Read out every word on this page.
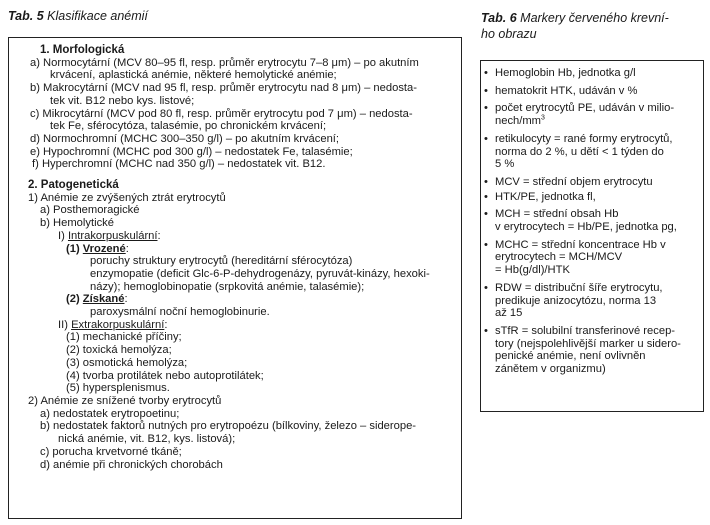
Tab. 5 Klasifikace anémií	Tab. 6 Markery červeného krevní-
ho obrazu
1. Morfologická
a) Normocytární (MCV 80–95 fl, resp. průměr erytrocytu 7–8 μm) – po akutním
krvácení, aplastická anémie, některé hemolytické anémie;
b) Makrocytární (MCV nad 95 fl, resp. průměr erytrocytu nad 8 μm) – nedosta-
tek vit. B12 nebo kys. listové;
c) Mikrocytární (MCV pod 80 fl, resp. průměr erytrocytu pod 7 μm) – nedosta-
tek Fe, sférocytóza, talasémie, po chronickém krvácení;
d) Normochromní (MCHC 300–350 g/l) – po akutním krvácení;
e) Hypochromní (MCHC pod 300 g/l) – nedostatek Fe, talasémie;
f) Hyperchromní (MCHC nad 350 g/l) – nedostatek vit. B12.
2. Patogenetická
1) Anémie ze zvýšených ztrát erytrocytů
a) Posthemoragické
b) Hemolytické
I) Intrakorpuskulární:
(1) Vrozené:
poruchy struktury erytrocytů (hereditární sférocytóza)
enzymopatie (deficit Glc-6-P-dehydrogenázy, pyruvát-kinázy, hexoki-
názy); hemoglobinopatie (srpkovitá anémie, talasémie);
(2) Získané:
paroxysmální noční hemoglobinurie.
II) Extrakorpuskulární:
(1) mechanické příčiny;
(2) toxická hemolýza;
(3) osmotická hemolýza;
(4) tvorba protilátek nebo autoprotilátek;
(5) hypersplenismus.
2) Anémie ze snížené tvorby erytrocytů
a) nedostatek erytropoetinu;
b) nedostatek faktorů nutných pro erytropoézu (bílkoviny, železo – sideropе-
nická anémie, vit. B12, kys. listová);
c) porucha krvetvorné tkáně;
d) anémie při chronických chorobách
• Hemoglobin Hb, jednotka g/l
• hematokrit HTK, udáván v %
• počet erytrocytů PE, udáván v milio-
nech/$mm^3$
• retikulocyty = rané formy erytrocytů,
norma do 2 %, u dětí < 1 týden do
5 %
• MCV = střední objem erytrocytu
• HTK/PE, jednotka fl,
• MCH = střední obsah Hb
v erytrocytech = Hb/PE, jednotka pg,
• MCHC = střední koncentrace Hb v
erytrocytech = MCH/MCV
= Hb(g/dl)/HTK
• RDW = distribuční šíře erytrocytu,
predikuje anizocytózu, norma 13
až 15
• sTfR = solubilní transferinové recep-
tory (nejspolehlivější marker u sidero-
penické anémie, není ovlivněn
zánětem v organizmu)
